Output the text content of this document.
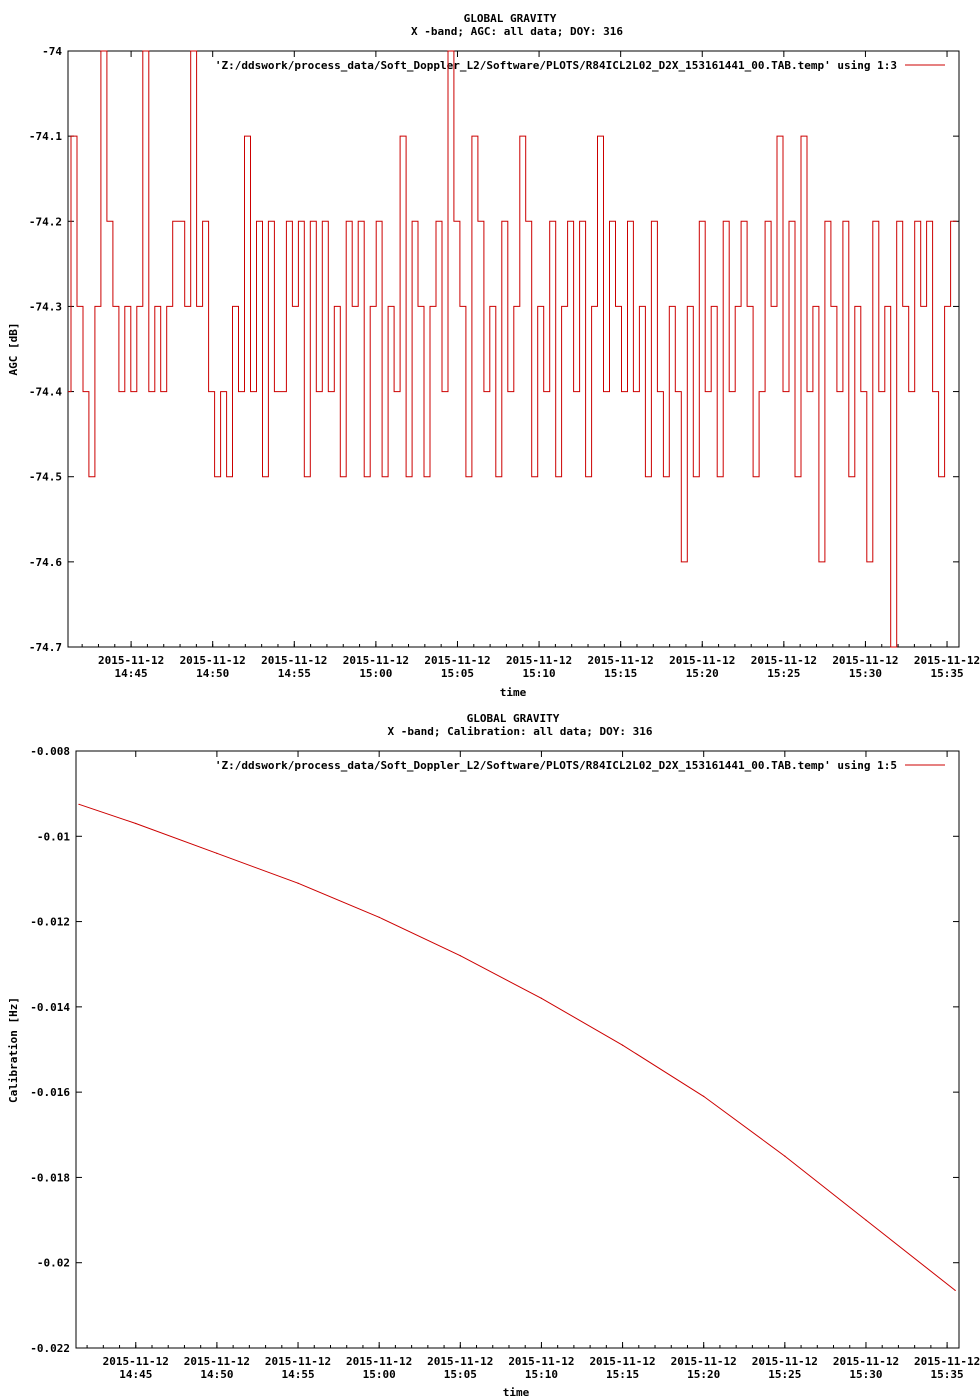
GLOBAL GRAVITY
X -band; AGC: all data; DOY: 316
-74
-74.1
-74.2
-74.3
-74.4
-74.5
-74.6
-74.7
2015-11-12
14:45
2015-11-12
14:50
2015-11-12
14:55
2015-11-12
15:00
2015-11-12
15:05
2015-11-12
15:10
2015-11-12
15:15
2015-11-12
15:20
2015-11-12
15:25
2015-11-12
15:30
2015-11-12
15:35
time
AGC [dB]
'Z:/ddswork/process_data/Soft_Doppler_L2/Software/PLOTS/R84ICL2L02_D2X_153161441_00.TAB.temp' using 1:3
GLOBAL GRAVITY
X -band; Calibration: all data; DOY: 316
-0.008
-0.01
-0.012
-0.014
-0.016
-0.018
-0.02
-0.022
2015-11-12
14:45
2015-11-12
14:50
2015-11-12
14:55
2015-11-12
15:00
2015-11-12
15:05
2015-11-12
15:10
2015-11-12
15:15
2015-11-12
15:20
2015-11-12
15:25
2015-11-12
15:30
2015-11-12
15:35
time
Calibration [Hz]
'Z:/ddswork/process_data/Soft_Doppler_L2/Software/PLOTS/R84ICL2L02_D2X_153161441_00.TAB.temp' using 1:5
